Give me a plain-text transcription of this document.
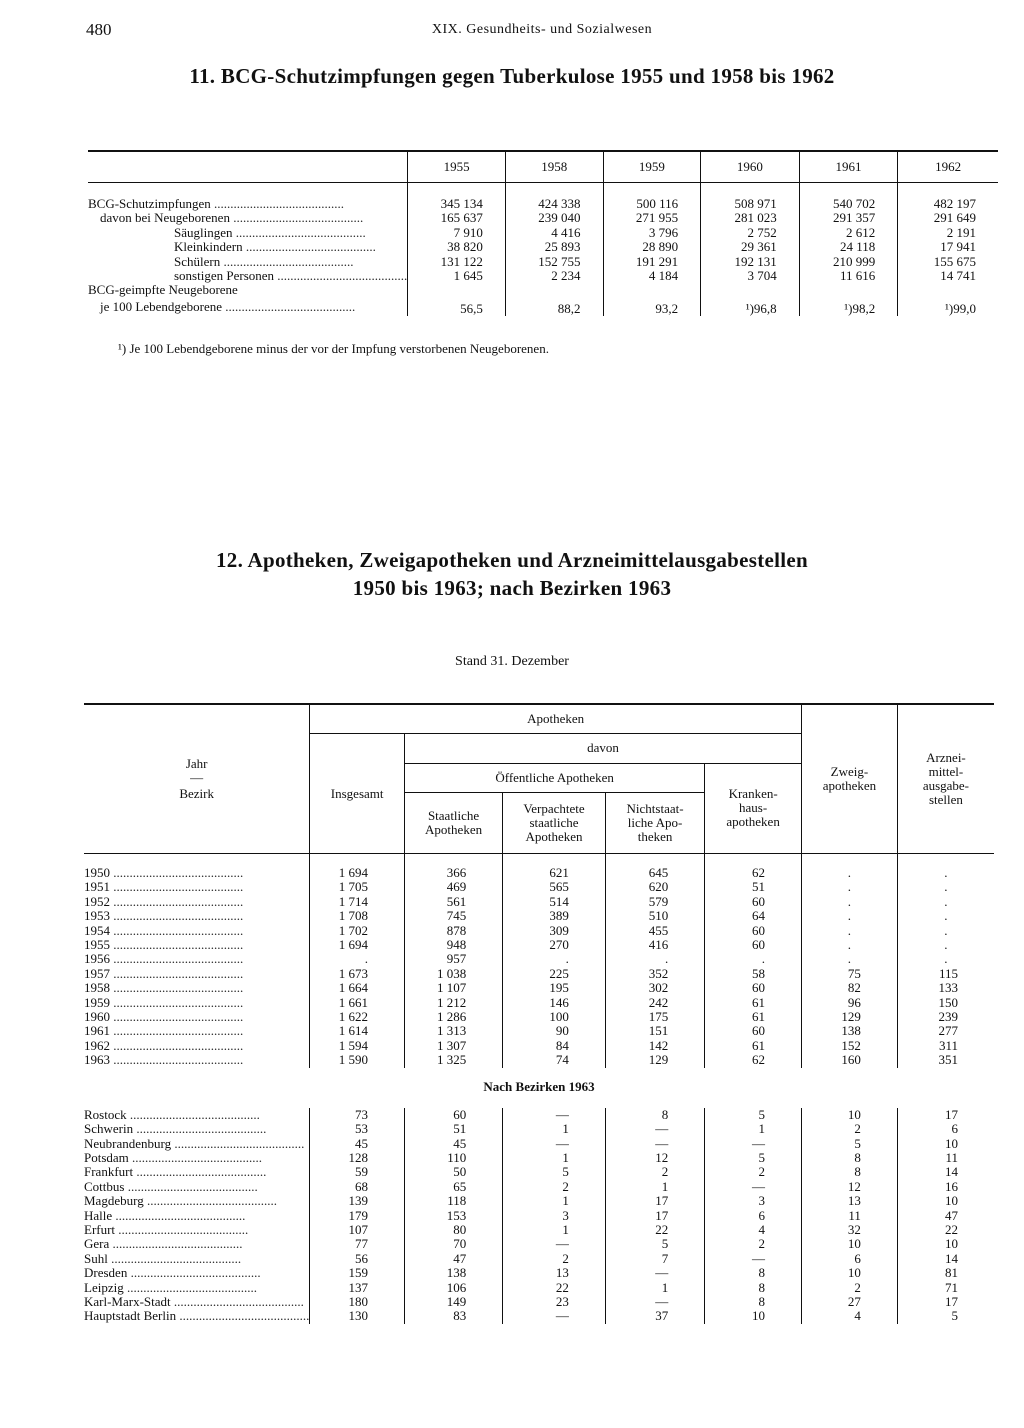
480	XIX. Gesundheits- und Sozialwesen
11. BCG-Schutzimpfungen gegen Tuberkulose 1955 und 1958 bis 1962
	1955	1958	1959	1960	1961	1962

BCG-Schutzimpfungen ........................................	345 134	424 338	500 116	508 971	540 702	482 197
davon bei Neugeborenen ........................................	165 637	239 040	271 955	281 023	291 357	291 649
Säuglingen ........................................	7 910	4 416	3 796	2 752	2 612	2 191
Kleinkindern ........................................	38 820	25 893	28 890	29 361	24 118	17 941
Schülern ........................................	131 122	152 755	191 291	192 131	210 999	155 675
sonstigen Personen ........................................	1 645	2 234	4 184	3 704	11 616	14 741
BCG-geimpfte Neugeborene						
je 100 Lebendgeborene ........................................	56,5	88,2	93,2	¹)96,8	¹)98,2	¹)99,0
¹) Je 100 Lebendgeborene minus der vor der Impfung verstorbenen Neugeborenen.
12. Apotheken, Zweigapotheken und Arzneimittelausgabestellen
1950 bis 1963; nach Bezirken 1963
Stand 31. Dezember
Jahr
—
Bezirk	Apotheken					Zweig-apotheken	Arznei-mittel-ausgabe-stellen

	Insgesamt	davon					
		Öffentliche Apotheken			Kranken-haus-apotheken		

		Staatliche Apotheken	Verpachtete staatliche Apotheken	Nichtstaat-liche Apo-theken			

1950 ........................................	1 694	366	621	645	62	.	.
1951 ........................................	1 705	469	565	620	51	.	.
1952 ........................................	1 714	561	514	579	60	.	.
1953 ........................................	1 708	745	389	510	64	.	.
1954 ........................................	1 702	878	309	455	60	.	.
1955 ........................................	1 694	948	270	416	60	.	.
1956 ........................................	.	957	.	.	.	.	.
1957 ........................................	1 673	1 038	225	352	58	75	115
1958 ........................................	1 664	1 107	195	302	60	82	133
1959 ........................................	1 661	1 212	146	242	61	96	150
1960 ........................................	1 622	1 286	100	175	61	129	239
1961 ........................................	1 614	1 313	90	151	60	138	277
1962 ........................................	1 594	1 307	84	142	61	152	311
1963 ........................................	1 590	1 325	74	129	62	160	351
Nach Bezirken 1963							
Rostock ........................................	73	60	—	8	5	10	17
Schwerin ........................................	53	51	1	—	1	2	6
Neubrandenburg ........................................	45	45	—	—	—	5	10
Potsdam ........................................	128	110	1	12	5	8	11
Frankfurt ........................................	59	50	5	2	2	8	14
Cottbus ........................................	68	65	2	1	—	12	16
Magdeburg ........................................	139	118	1	17	3	13	10
Halle ........................................	179	153	3	17	6	11	47
Erfurt ........................................	107	80	1	22	4	32	22
Gera ........................................	77	70	—	5	2	10	10
Suhl ........................................	56	47	2	7	—	6	14
Dresden ........................................	159	138	13	—	8	10	81
Leipzig ........................................	137	106	22	1	8	2	71
Karl-Marx-Stadt ........................................	180	149	23	—	8	27	17
Hauptstadt Berlin ........................................	130	83	—	37	10	4	5
